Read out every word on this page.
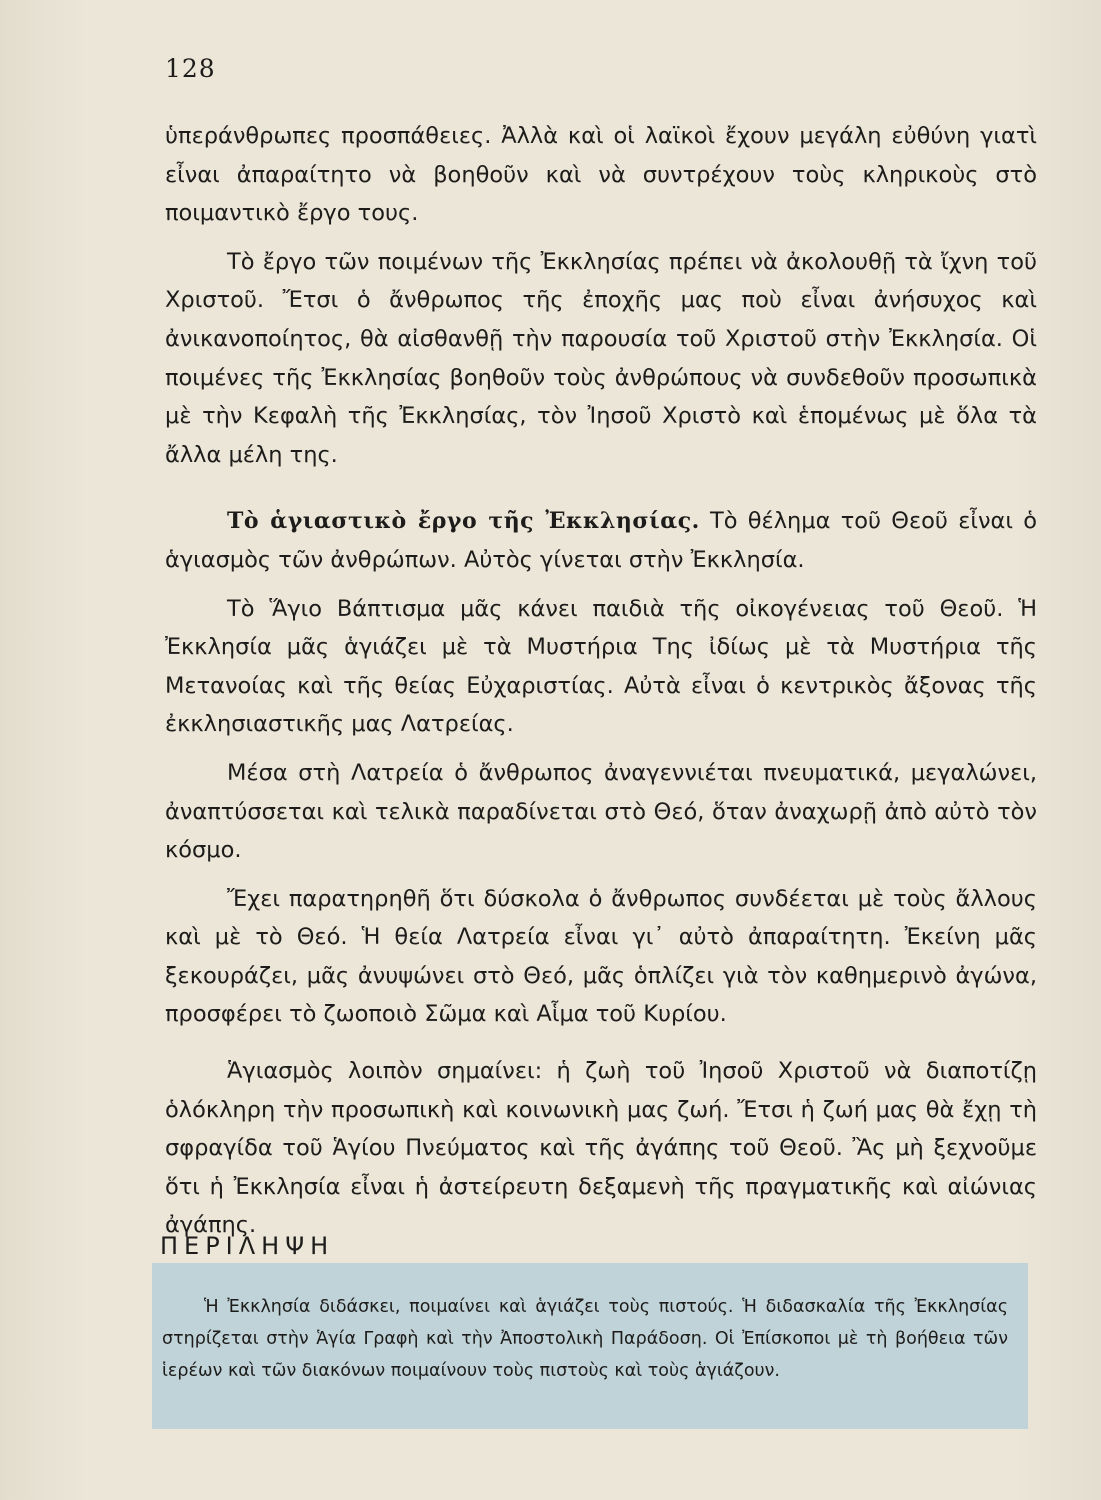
128

ὑπεράνθρωπες προσπάθειες. Ἀλλὰ καὶ οἱ λαϊκοὶ ἔχουν μεγάλη εὐθύνη γιατὶ εἶναι ἀπαραίτητο νὰ βοηθοῦν καὶ νὰ συντρέχουν τοὺς κληρικοὺς στὸ ποιμαντικὸ ἔργο τους.

Τὸ ἔργο τῶν ποιμένων τῆς Ἐκκλησίας πρέπει νὰ ἀκολουθῇ τὰ ἴχνη τοῦ Χριστοῦ. Ἔτσι ὁ ἄνθρωπος τῆς ἐποχῆς μας ποὺ εἶναι ἀνήσυχος καὶ ἀνικανοποίητος, θὰ αἰσθανθῇ τὴν παρουσία τοῦ Χριστοῦ στὴν Ἐκκλησία. Οἱ ποιμένες τῆς Ἐκκλησίας βοηθοῦν τοὺς ἀνθρώπους νὰ συνδεθοῦν προσωπικὰ μὲ τὴν Κεφαλὴ τῆς Ἐκκλησίας, τὸν Ἰησοῦ Χριστὸ καὶ ἑπομένως μὲ ὅλα τὰ ἄλλα μέλη της.

Τὸ ἁγιαστικὸ ἔργο τῆς Ἐκκλησίας. Τὸ θέλημα τοῦ Θεοῦ εἶναι ὁ ἁγιασμὸς τῶν ἀνθρώπων. Αὐτὸς γίνεται στὴν Ἐκκλησία.

Τὸ Ἅγιο Βάπτισμα μᾶς κάνει παιδιὰ τῆς οἰκογένειας τοῦ Θεοῦ. Ἡ Ἐκκλησία μᾶς ἁγιάζει μὲ τὰ Μυστήρια Της ἰδίως μὲ τὰ Μυστήρια τῆς Μετανοίας καὶ τῆς θείας Εὐχαριστίας. Αὐτὰ εἶναι ὁ κεντρικὸς ἄξονας τῆς ἐκκλησιαστικῆς μας Λατρείας.

Μέσα στὴ Λατρεία ὁ ἄνθρωπος ἀναγεννιέται πνευματικά, μεγαλώνει, ἀναπτύσσεται καὶ τελικὰ παραδίνεται στὸ Θεό, ὅταν ἀναχωρῇ ἀπὸ αὐτὸ τὸν κόσμο.

Ἔχει παρατηρηθῆ ὅτι δύσκολα ὁ ἄνθρωπος συνδέεται μὲ τοὺς ἄλλους καὶ μὲ τὸ Θεό. Ἡ θεία Λατρεία εἶναι γι᾽ αὐτὸ ἀπαραίτητη. Ἐκείνη μᾶς ξεκουράζει, μᾶς ἀνυψώνει στὸ Θεό, μᾶς ὁπλίζει γιὰ τὸν καθημερινὸ ἀγώνα, προσφέρει τὸ ζωοποιὸ Σῶμα καὶ Αἷμα τοῦ Κυρίου.

Ἁγιασμὸς λοιπὸν σημαίνει: ἡ ζωὴ τοῦ Ἰησοῦ Χριστοῦ νὰ διαποτίζῃ ὁλόκληρη τὴν προσωπικὴ καὶ κοινωνικὴ μας ζωή. Ἔτσι ἡ ζωή μας θὰ ἔχῃ τὴ σφραγίδα τοῦ Ἁγίου Πνεύματος καὶ τῆς ἀγάπης τοῦ Θεοῦ. Ἂς μὴ ξεχνοῦμε ὅτι ἡ Ἐκκλησία εἶναι ἡ ἀστείρευτη δεξαμενὴ τῆς πραγματικῆς καὶ αἰώνιας ἀγάπης.

ΠΕΡΙΛΗΨΗ

Ἡ Ἐκκλησία διδάσκει, ποιμαίνει καὶ ἁγιάζει τοὺς πιστούς. Ἡ διδασκαλία τῆς Ἐκκλησίας στηρίζεται στὴν Ἁγία Γραφὴ καὶ τὴν Ἀποστολικὴ Παράδοση. Οἱ Ἐπίσκοποι μὲ τὴ βοήθεια τῶν ἱερέων καὶ τῶν διακόνων ποιμαίνουν τοὺς πιστοὺς καὶ τοὺς ἁγιάζουν.
